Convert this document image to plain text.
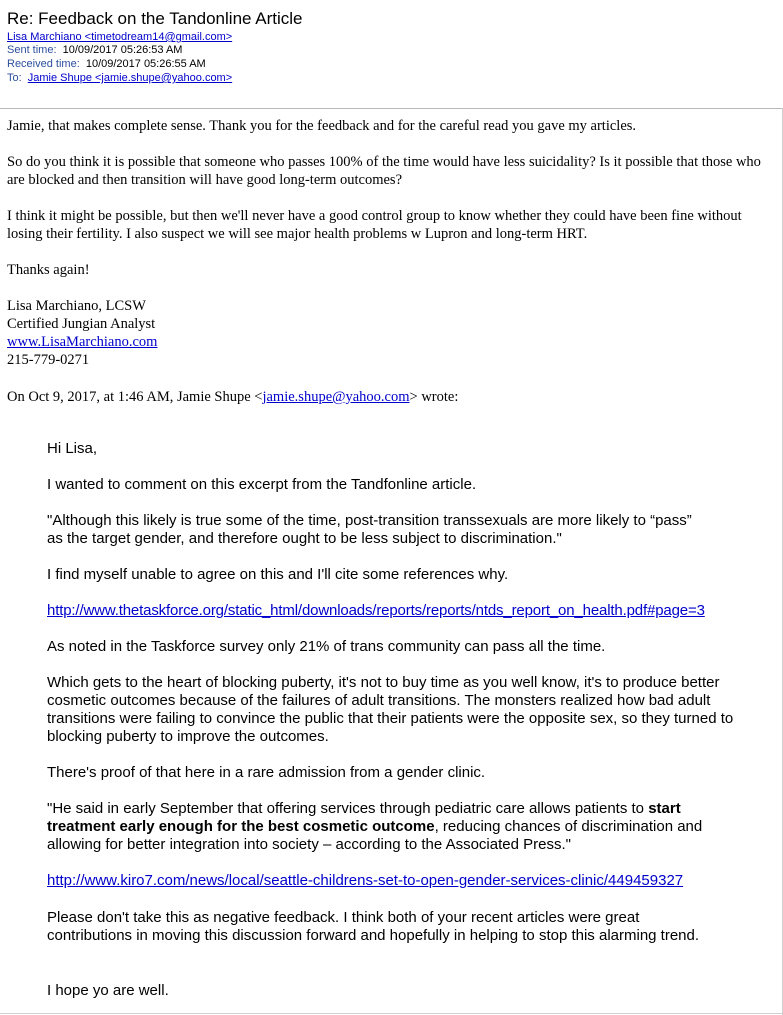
Re: Feedback on the Tandonline Article
Lisa Marchiano <timetodream14@gmail.com>
Sent time: 10/09/2017 05:26:53 AM
Received time: 10/09/2017 05:26:55 AM
To: Jamie Shupe <jamie.shupe@yahoo.com>
Jamie, that makes complete sense. Thank you for the feedback and for the careful read you gave my articles.
So do you think it is possible that someone who passes 100% of the time would have less suicidality? Is it possible that those who are blocked and then transition will have good long-term outcomes?
I think it might be possible, but then we'll never have a good control group to know whether they could have been fine without losing their fertility. I also suspect we will see major health problems w Lupron and long-term HRT.
Thanks again!
Lisa Marchiano, LCSW
Certified Jungian Analyst
www.LisaMarchiano.com
215-779-0271
On Oct 9, 2017, at 1:46 AM, Jamie Shupe <jamie.shupe@yahoo.com> wrote:
Hi Lisa,
I wanted to comment on this excerpt from the Tandfonline article.
"Although this likely is true some of the time, post-transition transsexuals are more likely to “pass” as the target gender, and therefore ought to be less subject to discrimination."
I find myself unable to agree on this and I'll cite some references why.
http://www.thetaskforce.org/static_html/downloads/reports/reports/ntds_report_on_health.pdf#page=3
As noted in the Taskforce survey only 21% of trans community can pass all the time.
Which gets to the heart of blocking puberty, it's not to buy time as you well know, it's to produce better cosmetic outcomes because of the failures of adult transitions. The monsters realized how bad adult transitions were failing to convince the public that their patients were the opposite sex, so they turned to blocking puberty to improve the outcomes.
There's proof of that here in a rare admission from a gender clinic.
"He said in early September that offering services through pediatric care allows patients to start treatment early enough for the best cosmetic outcome, reducing chances of discrimination and allowing for better integration into society – according to the Associated Press."
http://www.kiro7.com/news/local/seattle-childrens-set-to-open-gender-services-clinic/449459327
Please don't take this as negative feedback. I think both of your recent articles were great contributions in moving this discussion forward and hopefully in helping to stop this alarming trend.
I hope yo are well.
